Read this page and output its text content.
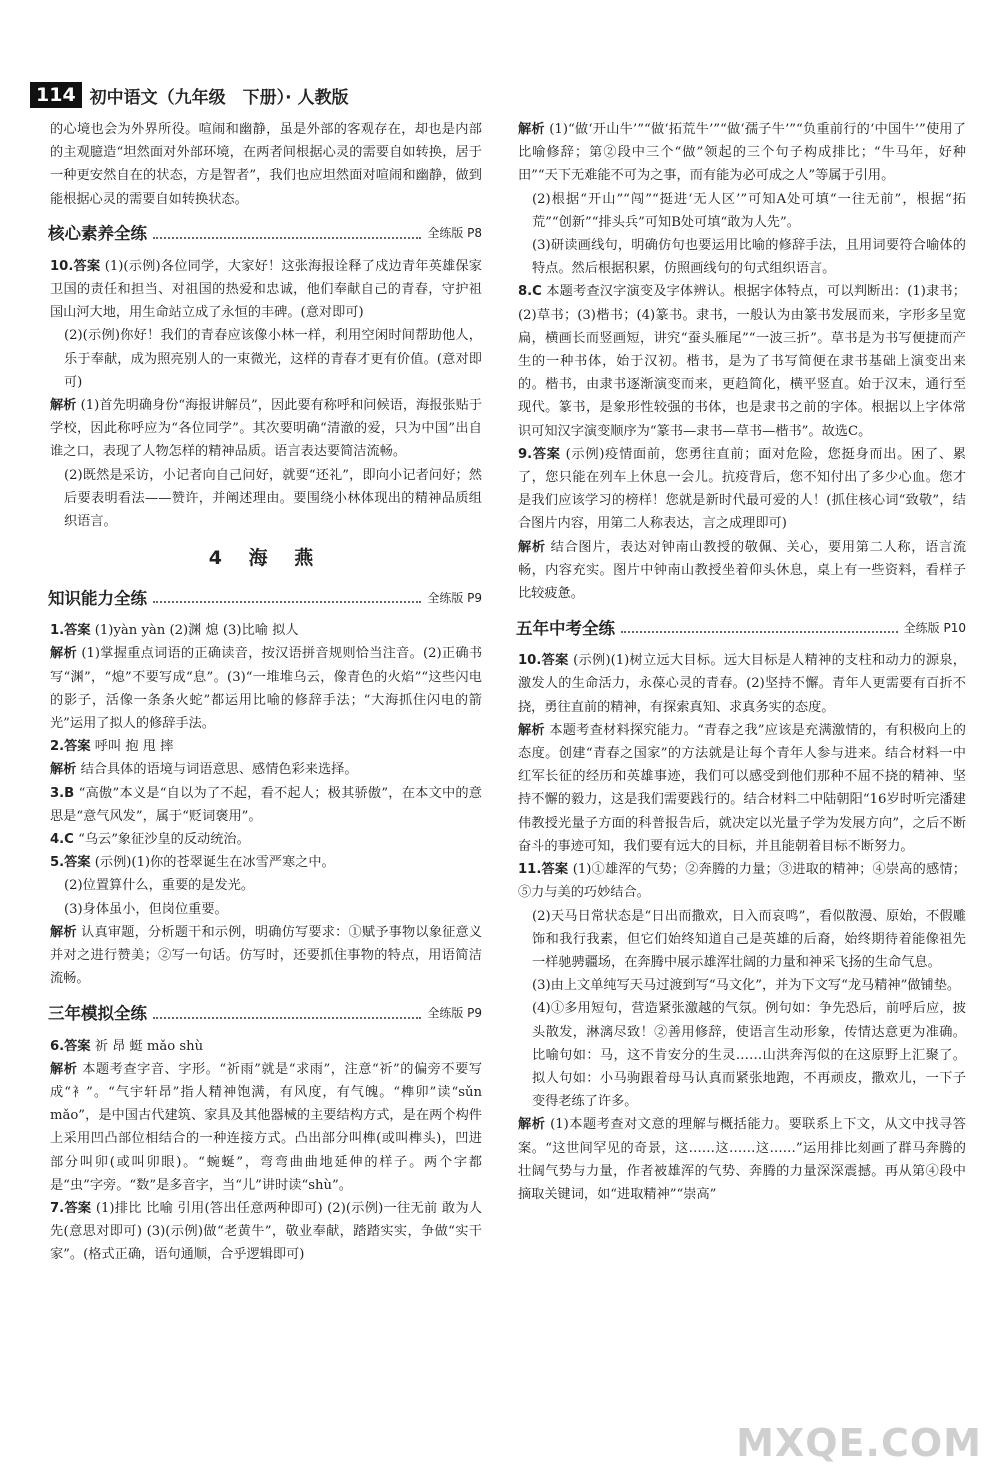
114 初中语文（九年级　下册）· 人教版

的心境也会为外界所役。喧闹和幽静，虽是外部的客观存在，却也是内部的主观臆造“坦然面对外部环境，在两者间根据心灵的需要自如转换，居于一种更安然自在的状态，方是智者”，我们也应坦然面对喧闹和幽静，做到能根据心灵的需要自如转换状态。

核心素养全练	全练版 P8

10.答案 (1)(示例)各位同学，大家好！这张海报诠释了戍边青年英雄保家卫国的责任和担当、对祖国的热爱和忠诚，他们奉献自己的青春，守护祖国山河大地，用生命站立成了永恒的丰碑。(意对即可)

(2)(示例)你好！我们的青春应该像小林一样，利用空闲时间帮助他人，乐于奉献，成为照亮别人的一束微光，这样的青春才更有价值。(意对即可)

解析 (1)首先明确身份“海报讲解员”，因此要有称呼和问候语，海报张贴于学校，因此称呼应为“各位同学”。其次要明确“清澈的爱，只为中国”出自谁之口，表现了人物怎样的精神品质。语言表达要简洁流畅。

(2)既然是采访，小记者向自己问好，就要“还礼”，即向小记者问好；然后要表明看法——赞许，并阐述理由。要围绕小林体现出的精神品质组织语言。

4 海 燕
知识能力全练	全练版 P9

1.答案 (1)yàn yàn (2)渊 熄 (3)比喻 拟人

解析 (1)掌握重点词语的正确读音，按汉语拼音规则恰当注音。(2)正确书写“渊”，“熄”不要写成“息”。(3)“一堆堆乌云，像青色的火焰”“这些闪电的影子，活像一条条火蛇”都运用比喻的修辞手法；“大海抓住闪电的箭光”运用了拟人的修辞手法。

2.答案 呼叫 抱 甩 摔

解析 结合具体的语境与词语意思、感情色彩来选择。

3.B “高傲”本义是“自以为了不起，看不起人；极其骄傲”，在本文中的意思是“意气风发”，属于“贬词褒用”。

4.C “乌云”象征沙皇的反动统治。

5.答案 (示例)(1)你的苍翠诞生在冰雪严寒之中。

(2)位置算什么，重要的是发光。

(3)身体虽小，但岗位重要。

解析 认真审题，分析题干和示例，明确仿写要求：①赋予事物以象征意义并对之进行赞美；②写一句话。仿写时，还要抓住事物的特点，用语简洁流畅。

三年模拟全练	全练版 P9

6.答案 祈 昂 蜓 mǎo shù

解析 本题考查字音、字形。“祈雨”就是“求雨”，注意“祈”的偏旁不要写成“衤”。“气宇轩昂”指人精神饱满，有风度，有气魄。“榫卯”读“sǔn mǎo”，是中国古代建筑、家具及其他器械的主要结构方式，是在两个构件上采用凹凸部位相结合的一种连接方式。凸出部分叫榫(或叫榫头)，凹进部分叫卯(或叫卯眼)。“蜿蜒”，弯弯曲曲地延伸的样子。两个字都是“虫”字旁。“数”是多音字，当“儿”讲时读“shù”。

7.答案 (1)排比 比喻 引用(答出任意两种即可) (2)(示例)一往无前 敢为人先(意思对即可) (3)(示例)做“老黄牛”，敬业奉献，踏踏实实，争做“实干家”。(格式正确，语句通顺，合乎逻辑即可)

解析 (1)“做‘开山牛’”“做‘拓荒牛’”“做‘孺子牛’”“负重前行的‘中国牛’”使用了比喻修辞；第②段中三个“做”领起的三个句子构成排比；“牛马年，好种田”“天下无难能不可为之事，而有能为必可成之人”等属于引用。

(2)根据“开山”“闯”“挺进‘无人区’”可知A处可填“一往无前”，根据“拓荒”“创新”“排头兵”可知B处可填“敢为人先”。

(3)研读画线句，明确仿句也要运用比喻的修辞手法，且用词要符合喻体的特点。然后根据积累，仿照画线句的句式组织语言。

8.C 本题考查汉字演变及字体辨认。根据字体特点，可以判断出：(1)隶书；(2)草书；(3)楷书；(4)篆书。隶书，一般认为由篆书发展而来，字形多呈宽扁，横画长而竖画短，讲究“蚕头雁尾”“一波三折”。草书是为书写便捷而产生的一种书体，始于汉初。楷书，是为了书写简便在隶书基础上演变出来的。楷书，由隶书逐渐演变而来，更趋简化，横平竖直。始于汉末，通行至现代。篆书，是象形性较强的书体，也是隶书之前的字体。根据以上字体常识可知汉字演变顺序为“篆书—隶书—草书—楷书”。故选C。

9.答案 (示例)疫情面前，您勇往直前；面对危险，您挺身而出。困了、累了，您只能在列车上休息一会儿。抗疫背后，您不知付出了多少心血。您才是我们应该学习的榜样！您就是新时代最可爱的人！(抓住核心词“致敬”，结合图片内容，用第二人称表达，言之成理即可)

解析 结合图片，表达对钟南山教授的敬佩、关心，要用第二人称，语言流畅，内容充实。图片中钟南山教授坐着仰头休息，桌上有一些资料，看样子比较疲惫。

五年中考全练	全练版 P10

10.答案 (示例)(1)树立远大目标。远大目标是人精神的支柱和动力的源泉，激发人的生命活力，永葆心灵的青春。(2)坚持不懈。青年人更需要有百折不挠，勇往直前的精神，有探索真知、求真务实的态度。

解析 本题考查材料探究能力。“青春之我”应该是充满激情的，有积极向上的态度。创建“青春之国家”的方法就是让每个青年人参与进来。结合材料一中红军长征的经历和英雄事迹，我们可以感受到他们那种不屈不挠的精神、坚持不懈的毅力，这是我们需要践行的。结合材料二中陆朝阳“16岁时听完潘建伟教授光量子方面的科普报告后，就决定以光量子学为发展方向”，之后不断奋斗的事迹可知，我们要有远大的目标，并且能朝着目标不断努力。

11.答案 (1)①雄浑的气势；②奔腾的力量；③进取的精神；④崇高的感情；⑤力与美的巧妙结合。

(2)天马日常状态是“日出而撒欢，日入而哀鸣”，看似散漫、原始，不假雕饰和我行我素，但它们始终知道自己是英雄的后裔，始终期待着能像祖先一样驰骋疆场，在奔腾中展示雄浑壮阔的力量和神采飞扬的生命气息。

(3)由上文单纯写天马过渡到写“马文化”，并为下文写“龙马精神”做铺垫。

(4)①多用短句，营造紧张激越的气氛。例句如：争先恐后，前呼后应，披头散发，淋漓尽致！②善用修辞，使语言生动形象，传情达意更为准确。比喻句如：马，这不肯安分的生灵……山洪奔泻似的在这原野上汇聚了。拟人句如：小马驹跟着母马认真而紧张地跑，不再顽皮，撒欢儿，一下子变得老练了许多。

解析 (1)本题考查对文意的理解与概括能力。要联系上下文，从文中找寻答案。“这世间罕见的奇景，这……这……这……”运用排比刻画了群马奔腾的壮阔气势与力量，作者被雄浑的气势、奔腾的力量深深震撼。再从第④段中摘取关键词，如“进取精神”“崇高”

MXQE.COM
